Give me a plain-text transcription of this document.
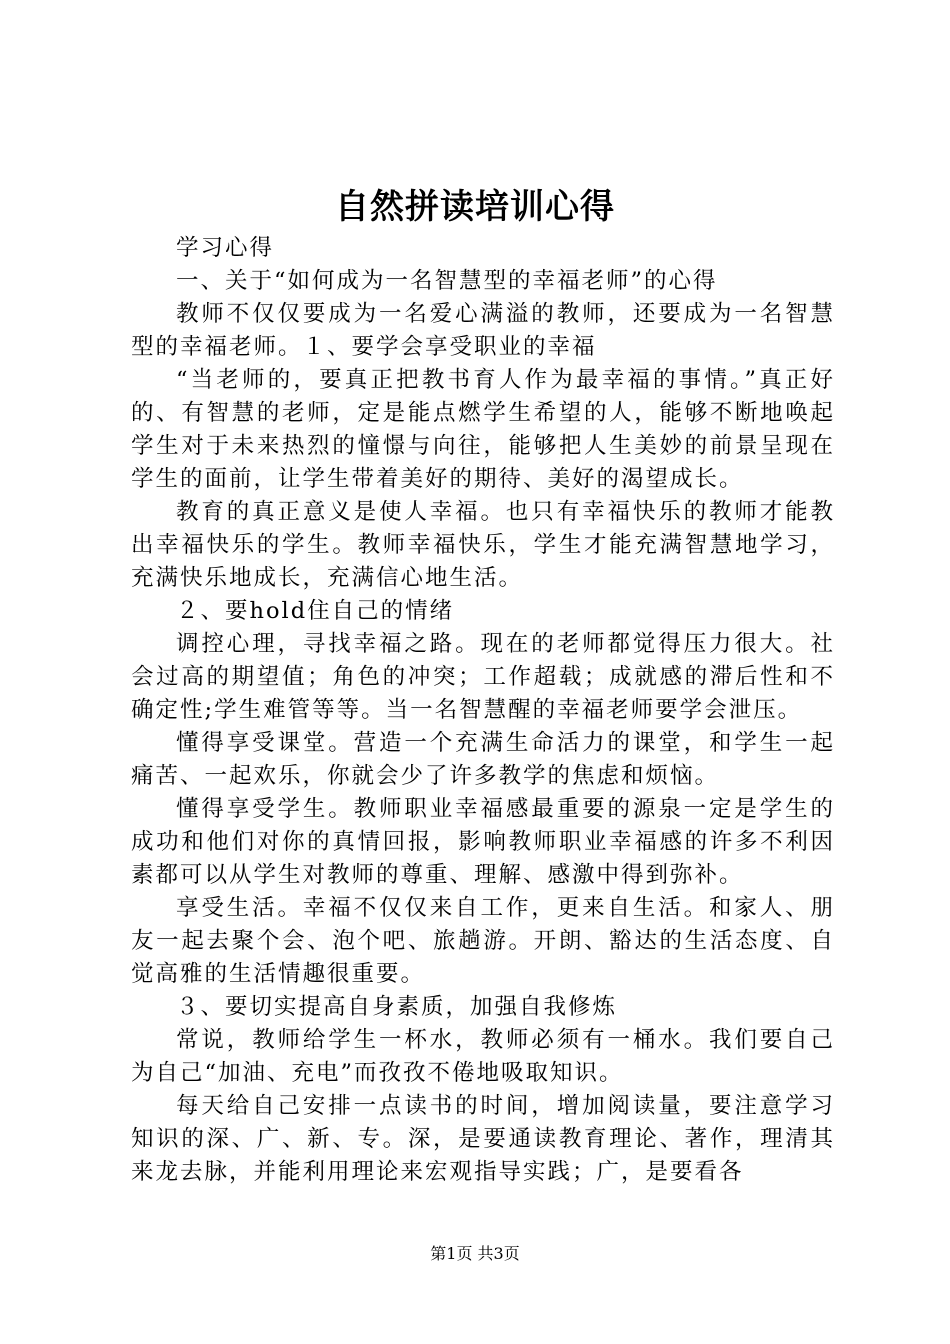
自然拼读培训心得

学习心得

一、关于“如何成为一名智慧型的幸福老师”的心得

教师不仅仅要成为一名爱心满溢的教师，还要成为一名智慧型的幸福老师。１、要学会享受职业的幸福

“当老师的，要真正把教书育人作为最幸福的事情。”真正好的、有智慧的老师，定是能点燃学生希望的人，能够不断地唤起学生对于未来热烈的憧憬与向往，能够把人生美妙的前景呈现在学生的面前，让学生带着美好的期待、美好的渴望成长。

教育的真正意义是使人幸福。也只有幸福快乐的教师才能教出幸福快乐的学生。教师幸福快乐，学生才能充满智慧地学习，充满快乐地成长，充满信心地生活。

２、要hold住自己的情绪

调控心理，寻找幸福之路。现在的老师都觉得压力很大。社会过高的期望值；角色的冲突；工作超载；成就感的滞后性和不确定性;学生难管等等。当一名智慧醒的幸福老师要学会泄压。

懂得享受课堂。营造一个充满生命活力的课堂，和学生一起痛苦、一起欢乐，你就会少了许多教学的焦虑和烦恼。

懂得享受学生。教师职业幸福感最重要的源泉一定是学生的成功和他们对你的真情回报，影响教师职业幸福感的许多不利因素都可以从学生对教师的尊重、理解、感激中得到弥补。

享受生活。幸福不仅仅来自工作，更来自生活。和家人、朋友一起去聚个会、泡个吧、旅趟游。开朗、豁达的生活态度、自觉高雅的生活情趣很重要。

３、要切实提高自身素质，加强自我修炼

常说，教师给学生一杯水，教师必须有一桶水。我们要自己为自己“加油、充电”而孜孜不倦地吸取知识。

每天给自己安排一点读书的时间，增加阅读量，要注意学习知识的深、广、新、专。深，是要通读教育理论、著作，理清其来龙去脉，并能利用理论来宏观指导实践；广，是要看各

第1页 共3页
